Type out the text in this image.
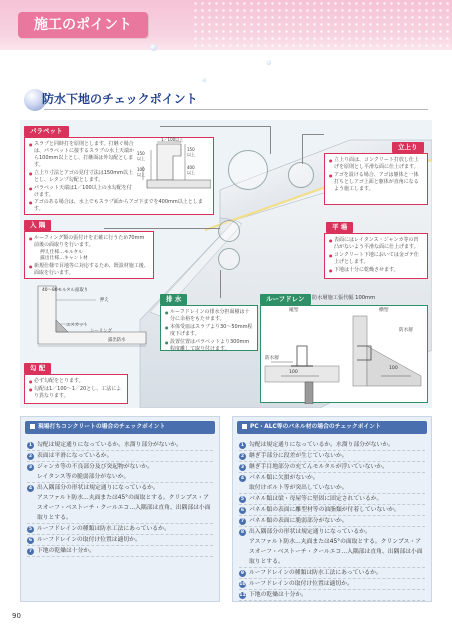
施工のポイント
防水下地のチェックポイント
パラペット
● スラブと同時打を原則とします。打継ぐ場合は、パラペットに接するスラブの水上天端から100mm以上とし、打継面は外勾配とします。
● 立上り寸法とアゴの見付寸法は150mm以上とし、レタンプ勾配とします。
● パラペット天端は1／100以上の水勾配を付けます。
● アゴのある場合は、水上でもスラブ面からアゴ下までを400mm以上とします。
1／100以上
150以上
150以上
100以上
400以上
入 隅
● ルーフィング類の張付けを正確に行うため70mm前後の面取りを行います。
押え仕様…モルタル
露出仕様…キャント材
● 新規仕様で目地等に対応するため、既設材施工後、面取を行います。
40～80モルタル面取り
押え
エスカット
シーリング
露出防水
勾 配
● 必ず勾配をとります。
● 勾配は1／100～1／20とし、工法により異なります。
立上り
● 立上り面は、コンクリート打放し仕上げを原則とし平滑な面に仕上げます。
● アゴを設ける場合、アゴは躯体と一体打ちとしアゴ上面と躯体が直角になるよう施工します。
平 場
● 表面にはレイタンス・ジャンカ等の凹凸がないよう平滑な面に仕上げます。
● コンクリート下地においては金ゴテ仕上げとします。
● 下地は十分に乾燥させます。
排 水
● ルーフドレインの排水分担面積は十分に余裕をもたせます。
● 本体受皿はスラブより30～50mm程度下げます。
● 設置位置はパラペットより300mm程度離して取り付けます。
ルーフドレン	防水層施工張代幅 100mm
縦型	横型
防水層
100
防水層
100
現場打ちコンクリートの場合のチェックポイント
1 勾配は規定通りになっているか。水溜り部分がないか。
2 表面は平滑になっているか。
3 ジャンカ等の不良部分及び突起物がないか。
レイタンス等の脆弱部分がないか。
4 出入隅部分の形状は規定通りになっているか。
アスファルト防水…丸面または45°の面取とする。クリンプス・アスオーフ・ベストーチ・クールエコ…入隅部は直角、出隅部は小面取りとする。
5 ルーフドレインの種類は防水工法にあっているか。
6 ルーフドレインの取付け位置は適切か。
7 下地の乾燥は十分か。
PC・ALC等のパネル材の場合のチェックポイント
1 勾配は規定通りになっているか。水溜り部分がないか。
2 継ぎ手部分に段差が生じていないか。
3 継ぎ手目地部分の充てんモルタルが浮いていないか。
4 パネル類に欠損がないか。
取付けボルト等が突出していないか。
5 パネル類は梁・母屋等に堅固に固定されているか。
6 パネル類の表面に離型材等の油脂類が付着していないか。
7 パネル類の表面に脆弱部分がないか。
8 出入隅部分の形状は規定通りになっているか。
アスファルト防水…丸面または45°の面取とする。クリンプス・アスオーフ・ベストーチ・クールエコ…入隅部は直角、出隅部は小面取りとする。
9 ルーフドレインの種類は防水工法にあっているか。
10 ルーフドレインの取付け位置は適切か。
11 下地の乾燥は十分か。
90
